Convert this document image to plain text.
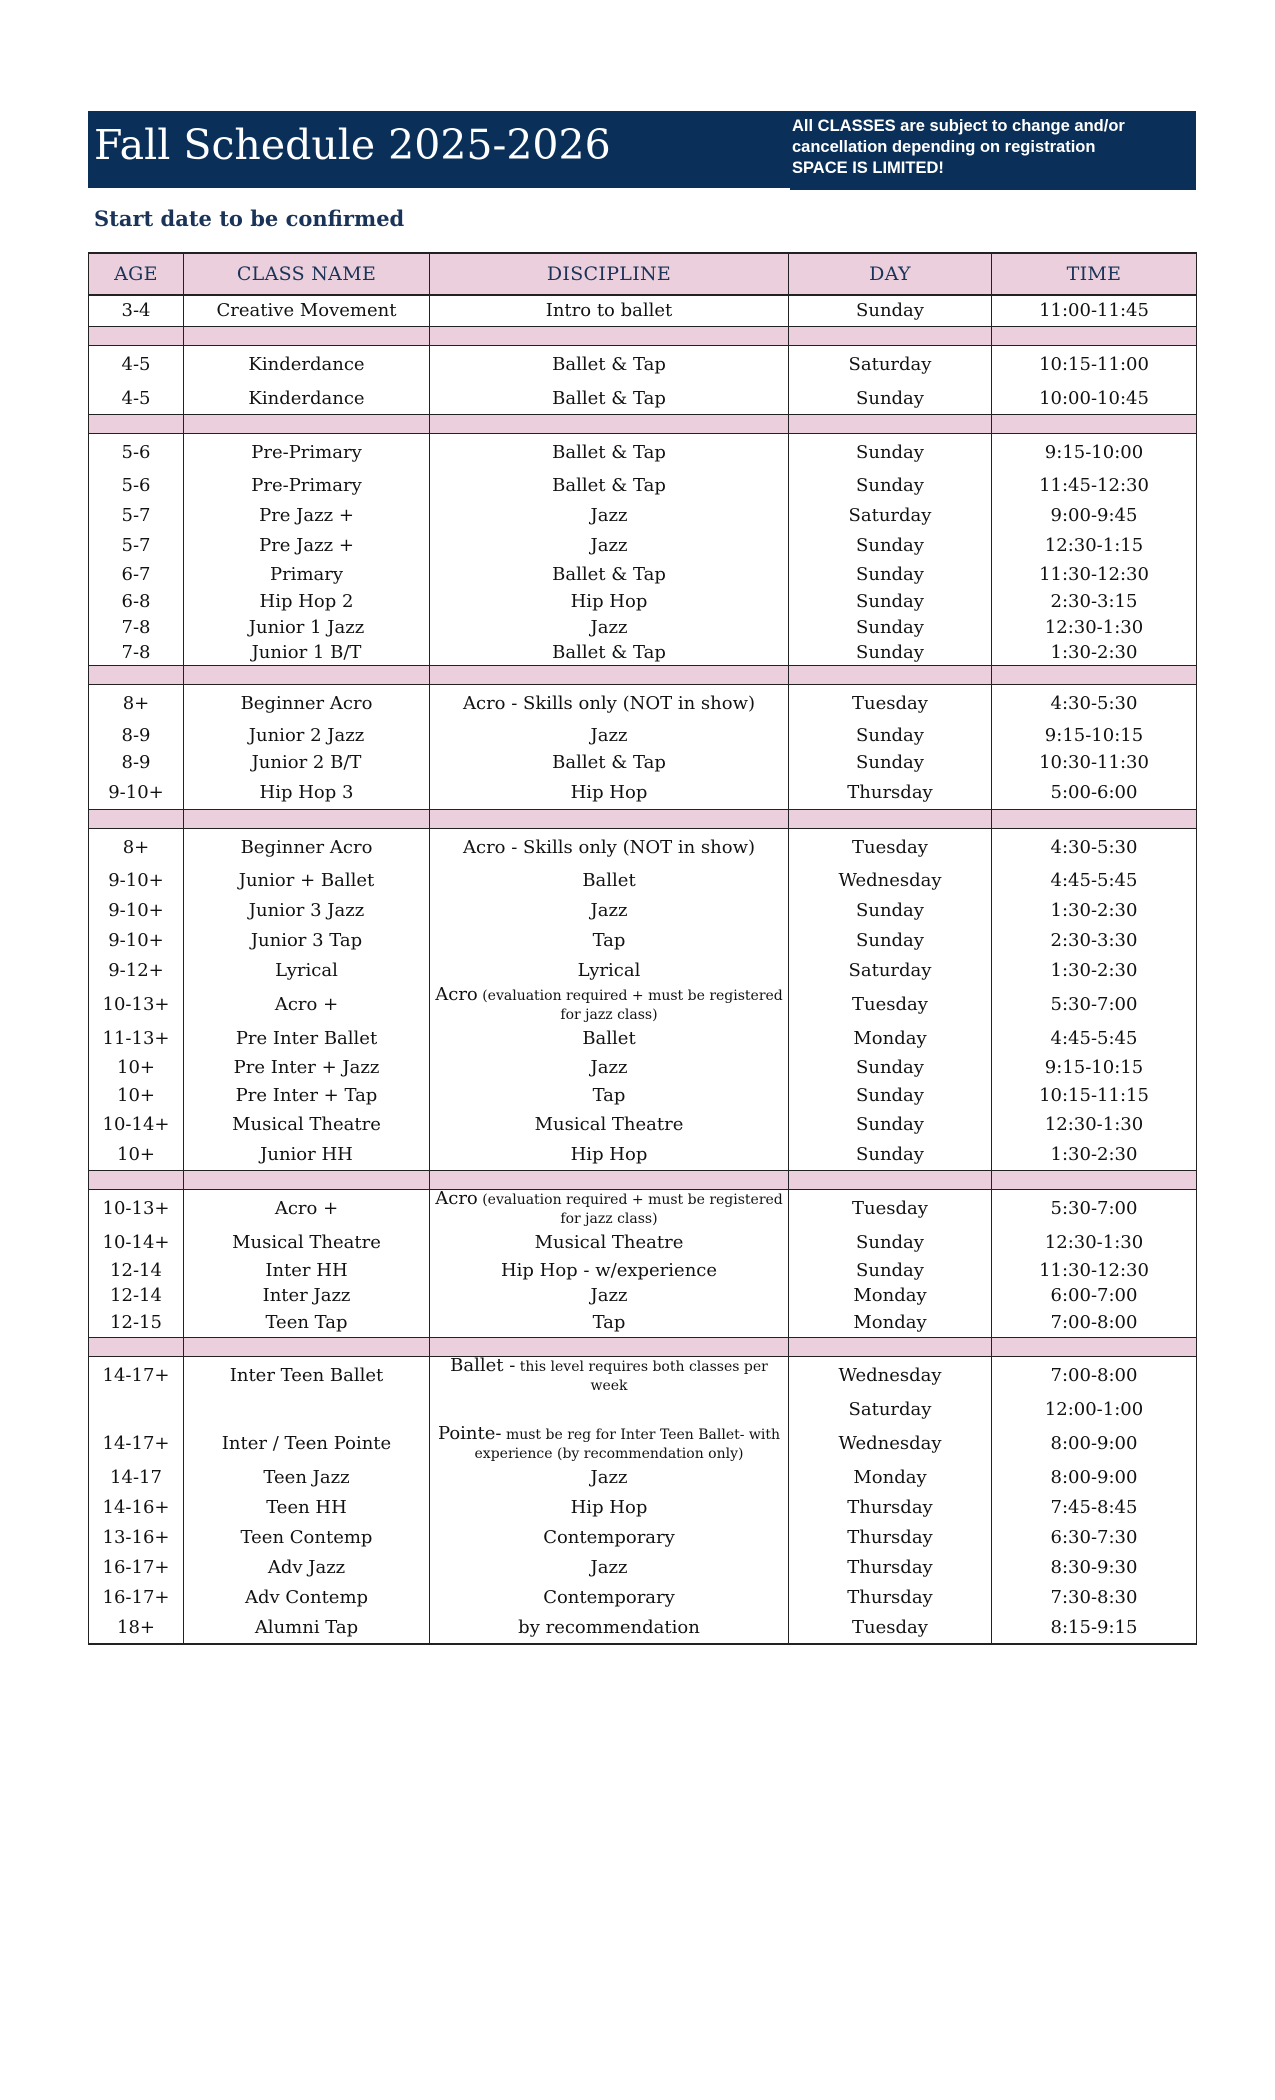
Fall Schedule 2025-2026	All CLASSES are subject to change and/or
cancellation depending on registration
SPACE IS LIMITED!
Start date to be confirmed
AGE	CLASS NAME	DISCIPLINE	DAY	TIME
3-4	Creative Movement	Intro to ballet	Sunday	11:00-11:45

4-5	Kinderdance	Ballet & Tap	Saturday	10:15-11:00
4-5	Kinderdance	Ballet & Tap	Sunday	10:00-10:45

5-6	Pre-Primary	Ballet & Tap	Sunday	9:15-10:00
5-6	Pre-Primary	Ballet & Tap	Sunday	11:45-12:30
5-7	Pre Jazz +	Jazz	Saturday	9:00-9:45
5-7	Pre Jazz +	Jazz	Sunday	12:30-1:15
6-7	Primary	Ballet & Tap	Sunday	11:30-12:30
6-8	Hip Hop 2	Hip Hop	Sunday	2:30-3:15
7-8	Junior 1 Jazz	Jazz	Sunday	12:30-1:30
7-8	Junior 1 B/T	Ballet & Tap	Sunday	1:30-2:30

8+	Beginner Acro	Acro - Skills only (NOT in show)	Tuesday	4:30-5:30
8-9	Junior 2 Jazz	Jazz	Sunday	9:15-10:15
8-9	Junior 2 B/T	Ballet & Tap	Sunday	10:30-11:30
9-10+	Hip Hop 3	Hip Hop	Thursday	5:00-6:00

8+	Beginner Acro	Acro - Skills only (NOT in show)	Tuesday	4:30-5:30
9-10+	Junior + Ballet	Ballet	Wednesday	4:45-5:45
9-10+	Junior 3 Jazz	Jazz	Sunday	1:30-2:30
9-10+	Junior 3 Tap	Tap	Sunday	2:30-3:30
9-12+	Lyrical	Lyrical	Saturday	1:30-2:30
10-13+	Acro +	Acro (evaluation required + must be registered for jazz class)	Tuesday	5:30-7:00
11-13+	Pre Inter Ballet	Ballet	Monday	4:45-5:45
10+	Pre Inter + Jazz	Jazz	Sunday	9:15-10:15
10+	Pre Inter + Tap	Tap	Sunday	10:15-11:15
10-14+	Musical Theatre	Musical Theatre	Sunday	12:30-1:30
10+	Junior HH	Hip Hop	Sunday	1:30-2:30

10-13+	Acro +	Acro (evaluation required + must be registered for jazz class)	Tuesday	5:30-7:00
10-14+	Musical Theatre	Musical Theatre	Sunday	12:30-1:30
12-14	Inter HH	Hip Hop - w/experience	Sunday	11:30-12:30
12-14	Inter Jazz	Jazz	Monday	6:00-7:00
12-15	Teen Tap	Tap	Monday	7:00-8:00

14-17+	Inter Teen Ballet	Ballet - this level requires both classes per week	Wednesday	7:00-8:00
			Saturday	12:00-1:00
14-17+	Inter / Teen Pointe	Pointe- must be reg for Inter Teen Ballet- with experience (by recommendation only)	Wednesday	8:00-9:00
14-17	Teen Jazz	Jazz	Monday	8:00-9:00
14-16+	Teen HH	Hip Hop	Thursday	7:45-8:45
13-16+	Teen Contemp	Contemporary	Thursday	6:30-7:30
16-17+	Adv Jazz	Jazz	Thursday	8:30-9:30
16-17+	Adv Contemp	Contemporary	Thursday	7:30-8:30
18+	Alumni Tap	by recommendation	Tuesday	8:15-9:15
